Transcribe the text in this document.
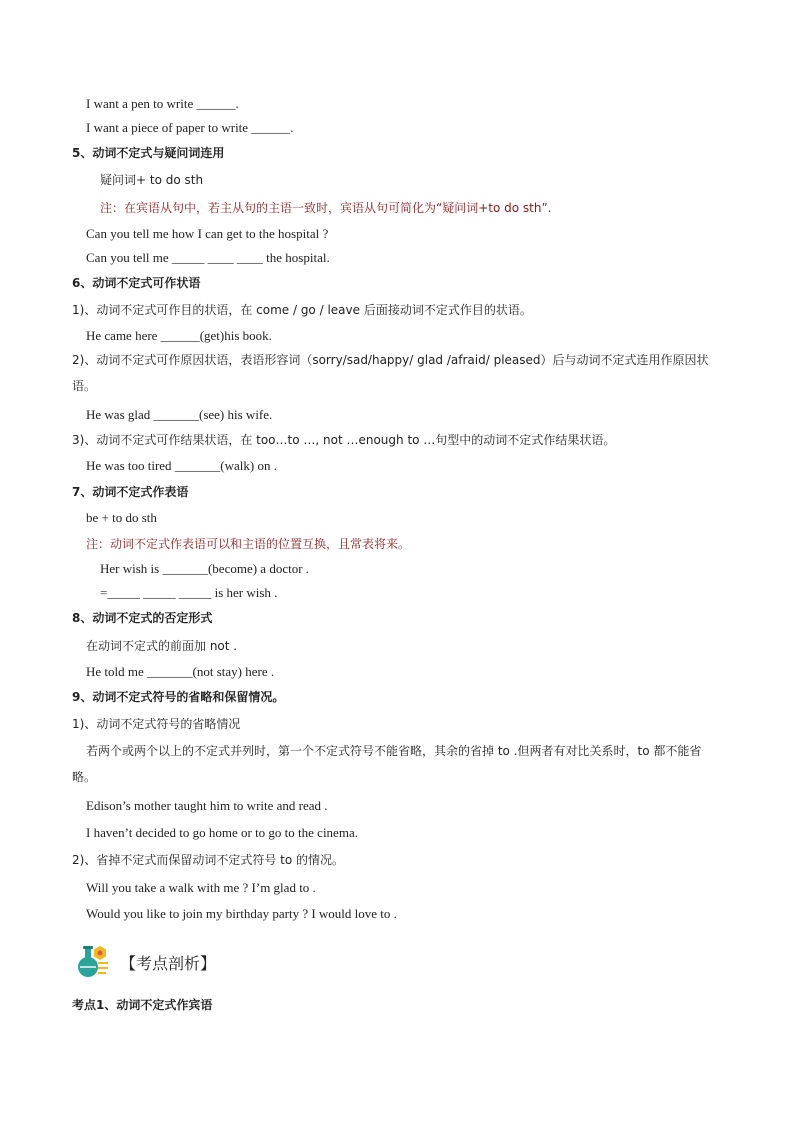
I want a pen to write ______.
I want a piece of paper to write ______.
5、动词不定式与疑问词连用
疑问词+ to do sth
注：在宾语从句中，若主从句的主语一致时，宾语从句可简化为“疑问词+to do sth”.
Can you tell me how I can get to the hospital ?
Can you tell me _____ ____ ____ the hospital.
6、动词不定式可作状语
1)、动词不定式可作目的状语，在 come / go / leave 后面接动词不定式作目的状语。
He came here ______(get)his book.
2)、动词不定式可作原因状语，表语形容词（sorry/sad/happy/ glad /afraid/ pleased）后与动词不定式连用作原因状语。
He was glad _______(see) his wife.
3)、动词不定式可作结果状语，在 too…to …, not …enough to …句型中的动词不定式作结果状语。
He was too tired _______(walk) on .
7、动词不定式作表语
be + to do sth
注：动词不定式作表语可以和主语的位置互换，且常表将来。
Her wish is _______(become) a doctor .
=_____ _____ _____ is her wish .
8、动词不定式的否定形式
在动词不定式的前面加 not .
He told me _______(not stay) here .
9、动词不定式符号的省略和保留情况。
1)、动词不定式符号的省略情况
若两个或两个以上的不定式并列时，第一个不定式符号不能省略，其余的省掉 to .但两者有对比关系时，to 都不能省略。
Edison’s mother taught him to write and read .
I haven’t decided to go home or to go to the cinema.
2)、省掉不定式而保留动词不定式符号 to 的情况。
Will you take a walk with me ? I’m glad to .
Would you like to join my birthday party ? I would love to .
【考点剖析】
考点1、动词不定式作宾语
